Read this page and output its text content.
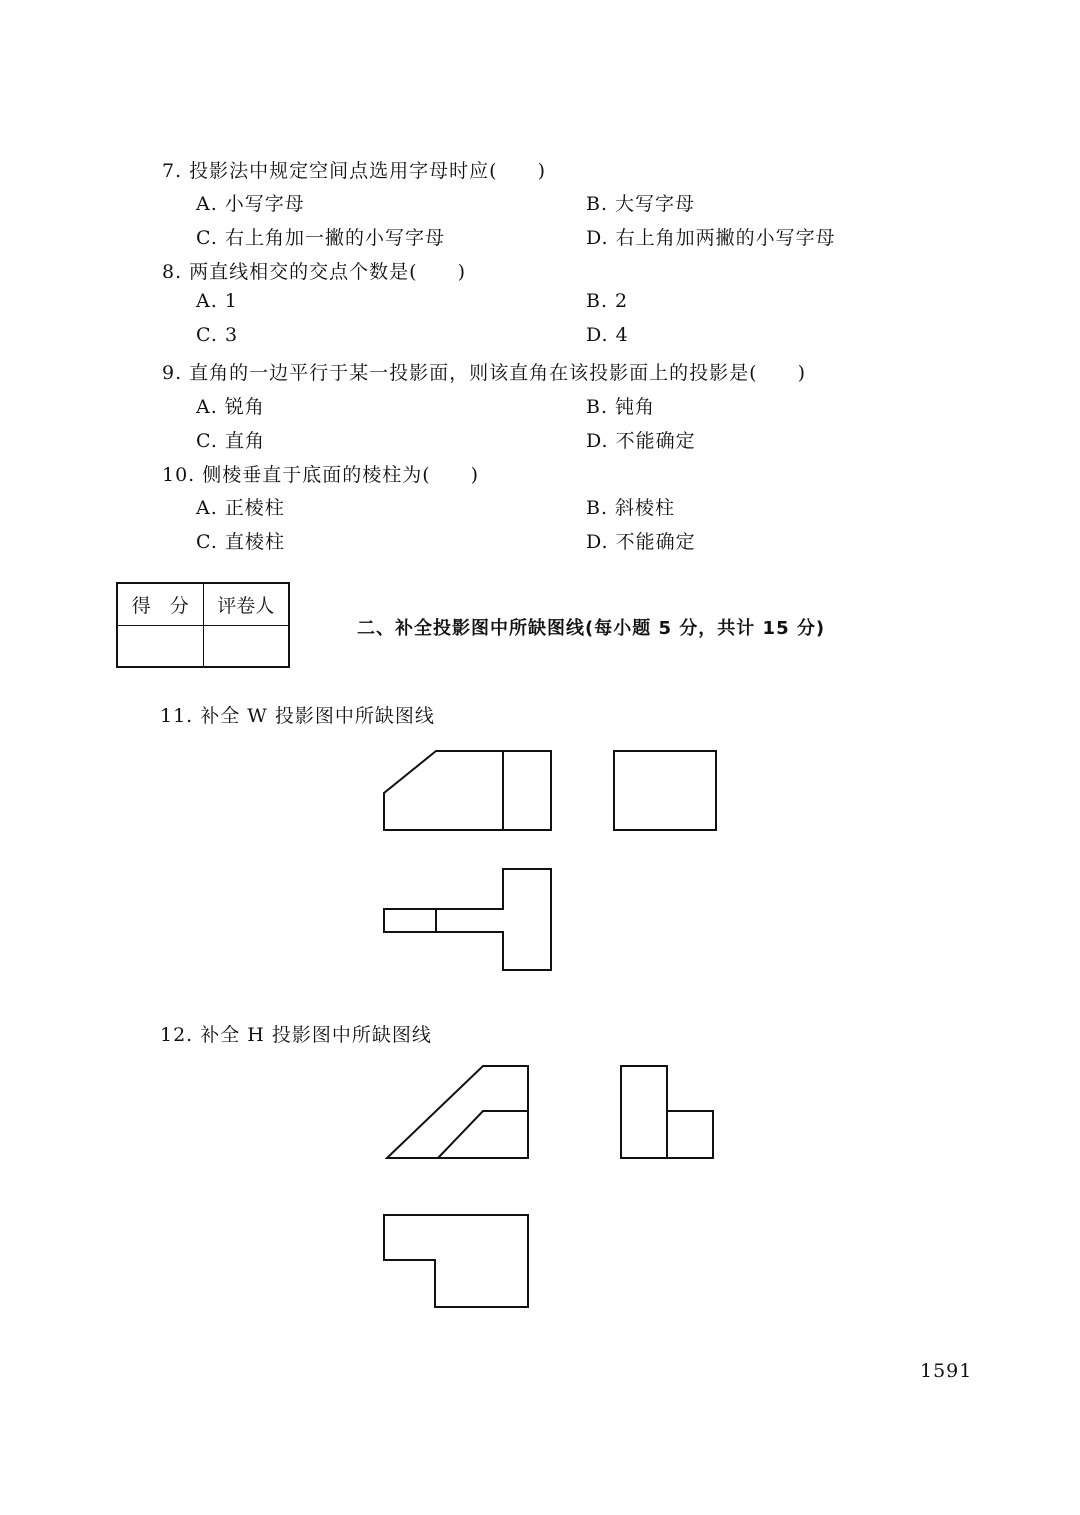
7. 投影法中规定空间点选用字母时应(　　)
A. 小写字母	B. 大写字母
C. 右上角加一撇的小写字母	D. 右上角加两撇的小写字母
8. 两直线相交的交点个数是(　　)
A. 1	B. 2
C. 3	D. 4
9. 直角的一边平行于某一投影面，则该直角在该投影面上的投影是(　　)
A. 锐角	B. 钝角
C. 直角	D. 不能确定
10. 侧棱垂直于底面的棱柱为(　　)
A. 正棱柱	B. 斜棱柱
C. 直棱柱	D. 不能确定
得　分	评卷人

二、补全投影图中所缺图线(每小题 5 分，共计 15 分)
11. 补全 W 投影图中所缺图线
12. 补全 H 投影图中所缺图线
1591
